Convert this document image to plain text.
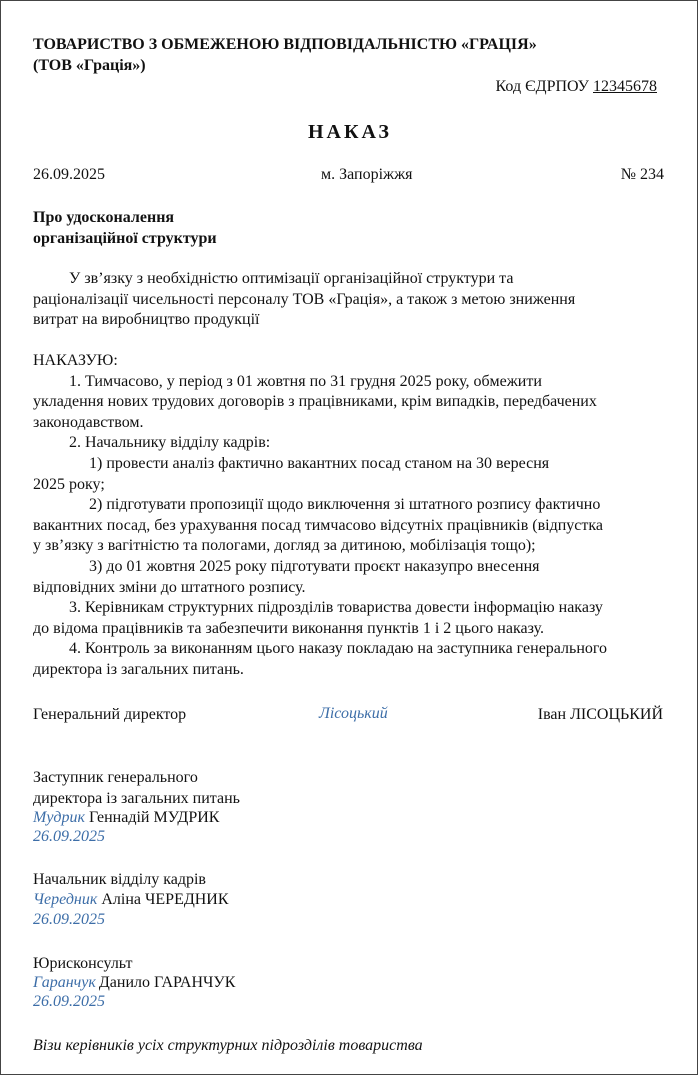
ТОВАРИСТВО З ОБМЕЖЕНОЮ ВІДПОВІДАЛЬНІСТЮ «ГРАЦІЯ»
(ТОВ «Грація»)
Код ЄДРПОУ 12345678
НАКАЗ
26.09.2025	м. Запоріжжя	№ 234
Про удосконалення
організаційної структури
У зв’язку з необхідністю оптимізації організаційної структури та
раціоналізації чисельності персоналу ТОВ «Грація», а також з метою зниження
витрат на виробництво продукції
НАКАЗУЮ:
1. Тимчасово, у період з 01 жовтня по 31 грудня 2025 року, обмежити
укладення нових трудових договорів з працівниками, крім випадків, передбачених
законодавством.
2. Начальнику відділу кадрів:
1) провести аналіз фактично вакантних посад станом на 30 вересня
2025 року;
2) підготувати пропозиції щодо виключення зі штатного розпису фактично
вакантних посад, без урахування посад тимчасово відсутніх працівників (відпустка
у зв’язку з вагітністю та пологами, догляд за дитиною, мобілізація тощо);
3) до 01 жовтня 2025 року підготувати проєкт наказупро внесення
відповідних зміни до штатного розпису.
3. Керівникам структурних підрозділів товариства довести інформацію наказу
до відома працівників та забезпечити виконання пунктів 1 і 2 цього наказу.
4. Контроль за виконанням цього наказу покладаю на заступника генерального
директора із загальних питань.
Генеральний директор	Лісоцький	Іван ЛІСОЦЬКИЙ
Заступник генерального
директора із загальних питань
Мудрик Геннадій МУДРИК
26.09.2025
Начальник відділу кадрів
Чередник Аліна ЧЕРЕДНИК
26.09.2025
Юрисконсульт
Гаранчук Данило ГАРАНЧУК
26.09.2025
Візи керівників усіх структурних підрозділів товариства
